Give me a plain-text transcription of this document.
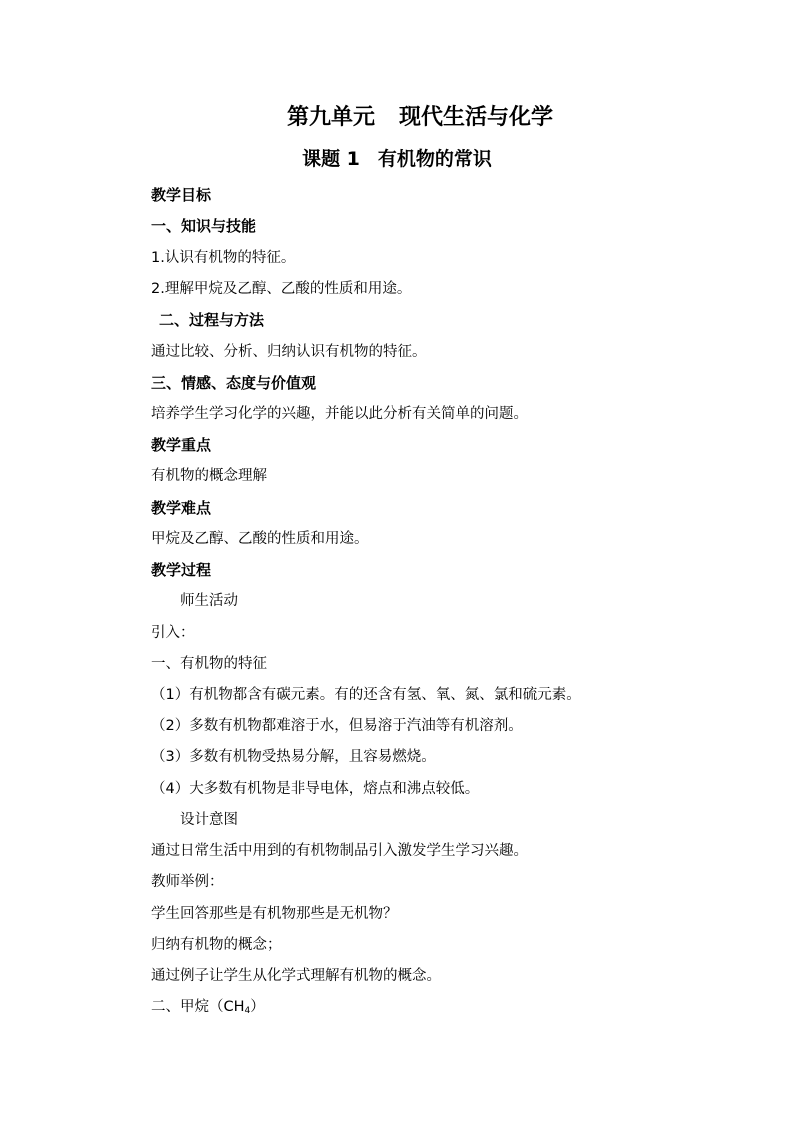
第九单元 现代生活与化学
课题 1 有机物的常识
教学目标
一、知识与技能
1.认识有机物的特征。
2.理解甲烷及乙醇、乙酸的性质和用途。
二、过程与方法
通过比较、分析、归纳认识有机物的特征。
三、情感、态度与价值观
培养学生学习化学的兴趣，并能以此分析有关简单的问题。
教学重点
有机物的概念理解
教学难点
甲烷及乙醇、乙酸的性质和用途。
教学过程
师生活动
引入：
一、有机物的特征
（1）有机物都含有碳元素。有的还含有氢、氧、氮、氯和硫元素。
（2）多数有机物都难溶于水，但易溶于汽油等有机溶剂。
（3）多数有机物受热易分解，且容易燃烧。
（4）大多数有机物是非导电体，熔点和沸点较低。
设计意图
通过日常生活中用到的有机物制品引入激发学生学习兴趣。
教师举例：
学生回答那些是有机物那些是无机物？
归纳有机物的概念；
通过例子让学生从化学式理解有机物的概念。
二、甲烷$(CH_4)$
